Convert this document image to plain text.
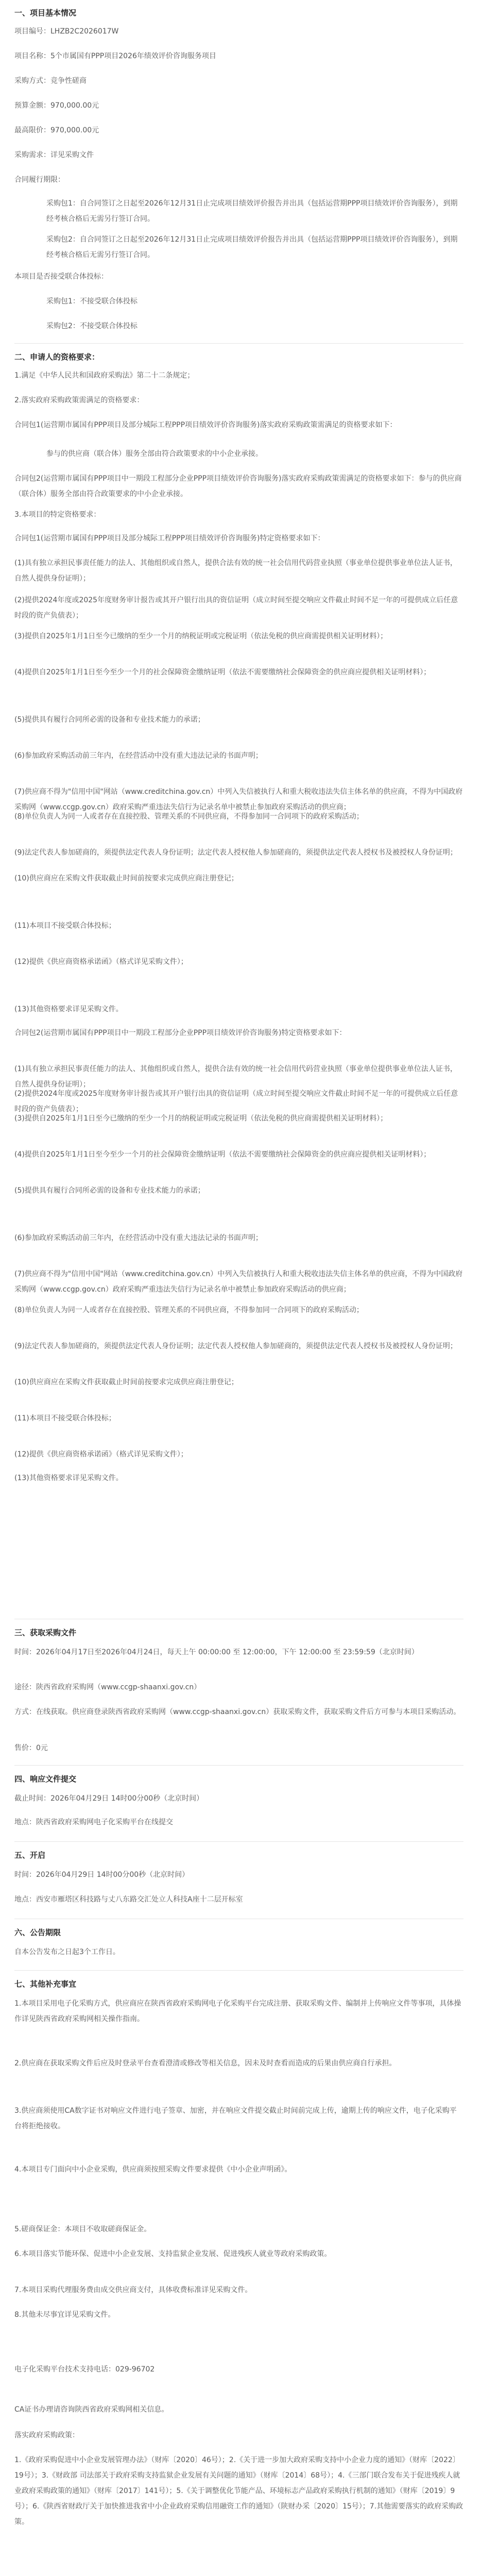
一、项目基本情况
项目编号：LHZB2C2026017W
项目名称：5个市属国有PPP项目2026年绩效评价咨询服务项目
采购方式：竞争性磋商
预算金额：970,000.00元
最高限价：970,000.00元
采购需求：详见采购文件
合同履行期限：
采购包1：自合同签订之日起至2026年12月31日止完成项目绩效评价报告并出具（包括运营期PPP项目绩效评价咨询服务），到期经考核合格后无需另行签订合同。
采购包2：自合同签订之日起至2026年12月31日止完成项目绩效评价报告并出具（包括运营期PPP项目绩效评价咨询服务），到期经考核合格后无需另行签订合同。
本项目是否接受联合体投标：
采购包1：不接受联合体投标
采购包2：不接受联合体投标
二、申请人的资格要求：
1.满足《中华人民共和国政府采购法》第二十二条规定；
2.落实政府采购政策需满足的资格要求：
合同包1(运营期市属国有PPP项目及部分城际工程PPP项目绩效评价咨询服务)落实政府采购政策需满足的资格要求如下：
参与的供应商（联合体）服务全部由符合政策要求的中小企业承接。
合同包2(运营期市属国有PPP项目中一期段工程部分企业PPP项目绩效评价咨询服务)落实政府采购政策需满足的资格要求如下：参与的供应商（联合体）服务全部由符合政策要求的中小企业承接。
3.本项目的特定资格要求：
合同包1(运营期市属国有PPP项目及部分城际工程PPP项目绩效评价咨询服务)特定资格要求如下：
(1)具有独立承担民事责任能力的法人、其他组织或自然人，提供合法有效的统一社会信用代码营业执照（事业单位提供事业单位法人证书，自然人提供身份证明）；
(2)提供2024年度或2025年度财务审计报告或其开户银行出具的资信证明（成立时间至提交响应文件截止时间不足一年的可提供成立后任意时段的资产负债表）；
(3)提供自2025年1月1日至今已缴纳的至少一个月的纳税证明或完税证明（依法免税的供应商需提供相关证明材料）；
(4)提供自2025年1月1日至今至少一个月的社会保障资金缴纳证明（依法不需要缴纳社会保障资金的供应商应提供相关证明材料）；
(5)提供具有履行合同所必需的设备和专业技术能力的承诺；
(6)参加政府采购活动前三年内，在经营活动中没有重大违法记录的书面声明；
(7)供应商不得为"信用中国"网站（www.creditchina.gov.cn）中列入失信被执行人和重大税收违法失信主体名单的供应商，不得为中国政府采购网（www.ccgp.gov.cn）政府采购严重违法失信行为记录名单中被禁止参加政府采购活动的供应商；
(8)单位负责人为同一人或者存在直接控股、管理关系的不同供应商，不得参加同一合同项下的政府采购活动；
(9)法定代表人参加磋商的，须提供法定代表人身份证明；法定代表人授权他人参加磋商的，须提供法定代表人授权书及被授权人身份证明；
(10)供应商应在采购文件获取截止时间前按要求完成供应商注册登记；
(11)本项目不接受联合体投标；
(12)提供《供应商资格承诺函》（格式详见采购文件）；
(13)其他资格要求详见采购文件。
合同包2(运营期市属国有PPP项目中一期段工程部分企业PPP项目绩效评价咨询服务)特定资格要求如下：
(1)具有独立承担民事责任能力的法人、其他组织或自然人，提供合法有效的统一社会信用代码营业执照（事业单位提供事业单位法人证书，自然人提供身份证明）；
(2)提供2024年度或2025年度财务审计报告或其开户银行出具的资信证明（成立时间至提交响应文件截止时间不足一年的可提供成立后任意时段的资产负债表）；
(3)提供自2025年1月1日至今已缴纳的至少一个月的纳税证明或完税证明（依法免税的供应商需提供相关证明材料）；
(4)提供自2025年1月1日至今至少一个月的社会保障资金缴纳证明（依法不需要缴纳社会保障资金的供应商应提供相关证明材料）；
(5)提供具有履行合同所必需的设备和专业技术能力的承诺；
(6)参加政府采购活动前三年内，在经营活动中没有重大违法记录的书面声明；
(7)供应商不得为"信用中国"网站（www.creditchina.gov.cn）中列入失信被执行人和重大税收违法失信主体名单的供应商，不得为中国政府采购网（www.ccgp.gov.cn）政府采购严重违法失信行为记录名单中被禁止参加政府采购活动的供应商；
(8)单位负责人为同一人或者存在直接控股、管理关系的不同供应商，不得参加同一合同项下的政府采购活动；
(9)法定代表人参加磋商的，须提供法定代表人身份证明；法定代表人授权他人参加磋商的，须提供法定代表人授权书及被授权人身份证明；
(10)供应商应在采购文件获取截止时间前按要求完成供应商注册登记；
(11)本项目不接受联合体投标；
(12)提供《供应商资格承诺函》（格式详见采购文件）；
(13)其他资格要求详见采购文件。
三、获取采购文件
时间：2026年04月17日至2026年04月24日，每天上午 00:00:00 至 12:00:00，下午 12:00:00 至 23:59:59（北京时间）
途径：陕西省政府采购网（www.ccgp-shaanxi.gov.cn）
方式：在线获取。供应商登录陕西省政府采购网（www.ccgp-shaanxi.gov.cn）获取采购文件，获取采购文件后方可参与本项目采购活动。
售价：0元
四、响应文件提交
截止时间：2026年04月29日 14时00分00秒（北京时间）
地点：陕西省政府采购网电子化采购平台在线提交
五、开启
时间：2026年04月29日 14时00分00秒（北京时间）
地点：西安市雁塔区科技路与丈八东路交汇处立人科技A座十二层开标室
六、公告期限
自本公告发布之日起3个工作日。
七、其他补充事宜
1.本项目采用电子化采购方式，供应商应在陕西省政府采购网电子化采购平台完成注册、获取采购文件、编制并上传响应文件等事项，具体操作详见陕西省政府采购网相关操作指南。
2.供应商在获取采购文件后应及时登录平台查看澄清或修改等相关信息，因未及时查看而造成的后果由供应商自行承担。
3.供应商须使用CA数字证书对响应文件进行电子签章、加密，并在响应文件提交截止时间前完成上传，逾期上传的响应文件，电子化采购平台将拒绝接收。
4.本项目专门面向中小企业采购，供应商须按照采购文件要求提供《中小企业声明函》。
5.磋商保证金：本项目不收取磋商保证金。
6.本项目落实节能环保、促进中小企业发展、支持监狱企业发展、促进残疾人就业等政府采购政策。
7.本项目采购代理服务费由成交供应商支付，具体收费标准详见采购文件。
8.其他未尽事宜详见采购文件。
电子化采购平台技术支持电话：029-96702
CA证书办理请咨询陕西省政府采购网相关信息。
落实政府采购政策：
1.《政府采购促进中小企业发展管理办法》（财库〔2020〕46号）；2.《关于进一步加大政府采购支持中小企业力度的通知》（财库〔2022〕19号）；3.《财政部 司法部关于政府采购支持监狱企业发展有关问题的通知》（财库〔2014〕68号）；4.《三部门联合发布关于促进残疾人就业政府采购政策的通知》（财库〔2017〕141号）；5.《关于调整优化节能产品、环境标志产品政府采购执行机制的通知》（财库〔2019〕9号）；6.《陕西省财政厅关于加快推进我省中小企业政府采购信用融资工作的通知》（陕财办采〔2020〕15号）；7.其他需要落实的政府采购政策。
